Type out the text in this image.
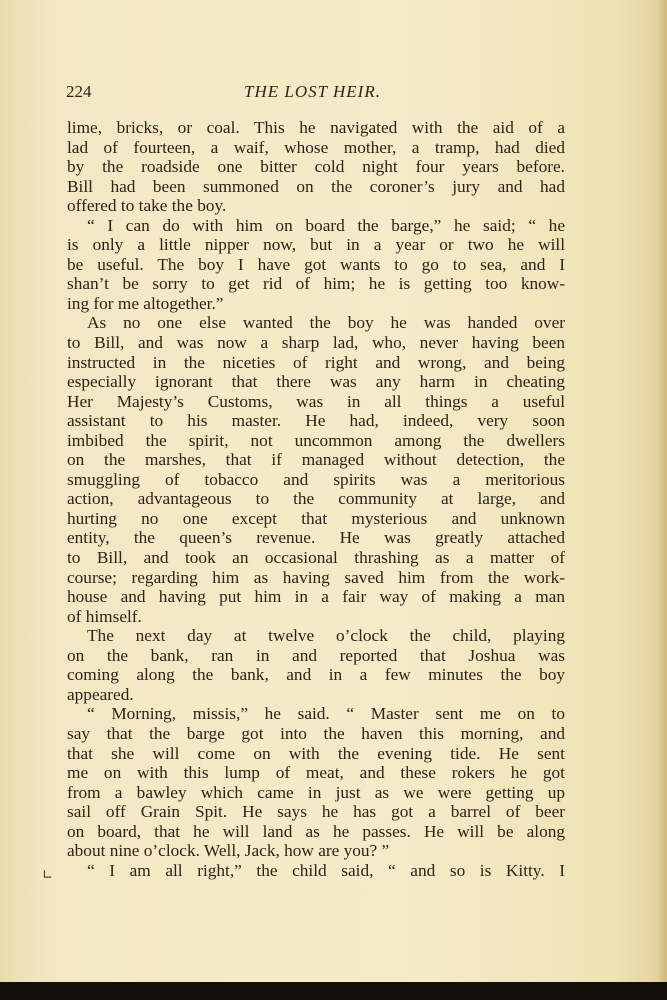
224	THE LOST HEIR.
∟
lime, bricks, or coal. This he navigated with the aid of a
lad of fourteen, a waif, whose mother, a tramp, had died
by the roadside one bitter cold night four years before.
Bill had been summoned on the coroner’s jury and had
offered to take the boy.
“ I can do with him on board the barge,” he said; “ he
is only a little nipper now, but in a year or two he will
be useful. The boy I have got wants to go to sea, and I
shan’t be sorry to get rid of him; he is getting too know-
ing for me altogether.”
As no one else wanted the boy he was handed over
to Bill, and was now a sharp lad, who, never having been
instructed in the niceties of right and wrong, and being
especially ignorant that there was any harm in cheating
Her Majesty’s Customs, was in all things a useful
assistant to his master. He had, indeed, very soon
imbibed the spirit, not uncommon among the dwellers
on the marshes, that if managed without detection, the
smuggling of tobacco and spirits was a meritorious
action, advantageous to the community at large, and
hurting no one except that mysterious and unknown
entity, the queen’s revenue. He was greatly attached
to Bill, and took an occasional thrashing as a matter of
course; regarding him as having saved him from the work-
house and having put him in a fair way of making a man
of himself.
The next day at twelve o’clock the child, playing
on the bank, ran in and reported that Joshua was
coming along the bank, and in a few minutes the boy
appeared.
“ Morning, missis,” he said. “ Master sent me on to
say that the barge got into the haven this morning, and
that she will come on with the evening tide. He sent
me on with this lump of meat, and these rokers he got
from a bawley which came in just as we were getting up
sail off Grain Spit. He says he has got a barrel of beer
on board, that he will land as he passes. He will be along
about nine o’clock. Well, Jack, how are you? ”
“ I am all right,” the child said, “ and so is Kitty. I
